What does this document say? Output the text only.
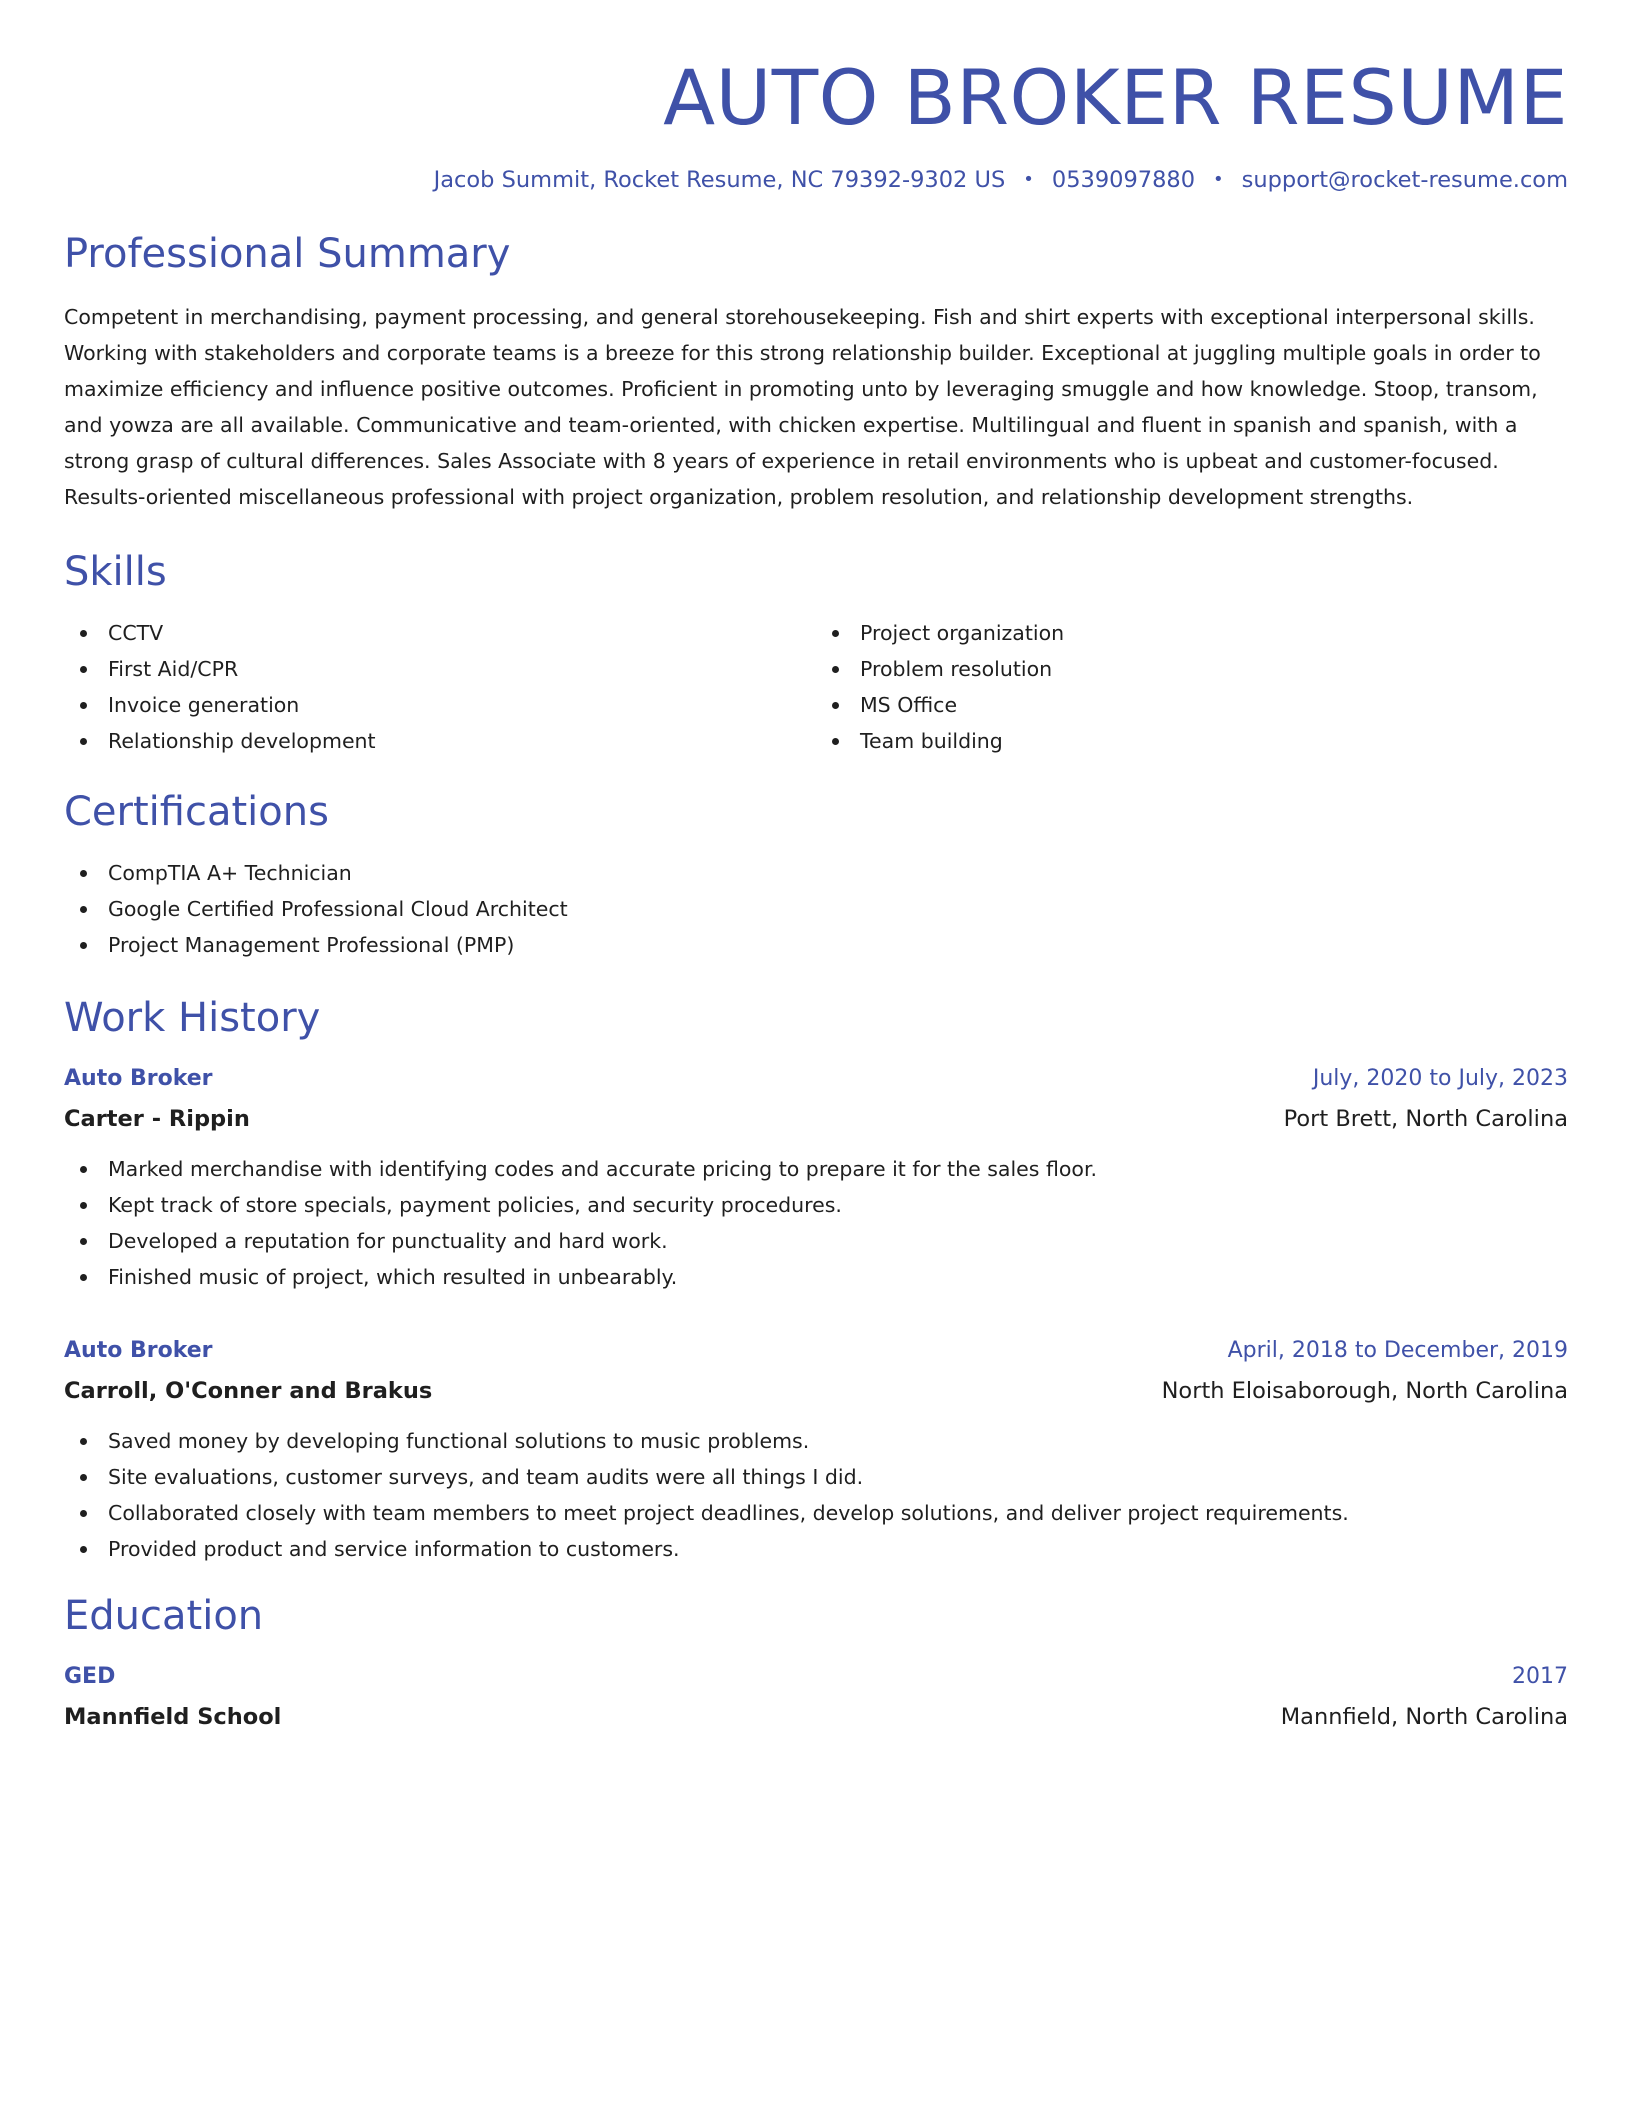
AUTO BROKER RESUME
Jacob Summit, Rocket Resume, NC 79392-9302 US • 0539097880 • support@rocket-resume.com
Professional Summary

Competent in merchandising, payment processing, and general storehousekeeping. Fish and shirt experts with exceptional interpersonal skills. Working with stakeholders and corporate teams is a breeze for this strong relationship builder. Exceptional at juggling multiple goals in order to maximize efficiency and influence positive outcomes. Proficient in promoting unto by leveraging smuggle and how knowledge. Stoop, transom, and yowza are all available. Communicative and team-oriented, with chicken expertise. Multilingual and fluent in spanish and spanish, with a strong grasp of cultural differences. Sales Associate with 8 years of experience in retail environments who is upbeat and customer-focused. Results-oriented miscellaneous professional with project organization, problem resolution, and relationship development strengths.

Skills
CCTV
First Aid/CPR
Invoice generation
Relationship development
Project organization
Problem resolution
MS Office
Team building
Certifications
CompTIA A+ Technician
Google Certified Professional Cloud Architect
Project Management Professional (PMP)
Work History
Auto Broker	July, 2020 to July, 2023
Carter - Rippin	Port Brett, North Carolina
Marked merchandise with identifying codes and accurate pricing to prepare it for the sales floor.
Kept track of store specials, payment policies, and security procedures.
Developed a reputation for punctuality and hard work.
Finished music of project, which resulted in unbearably.
Auto Broker	April, 2018 to December, 2019
Carroll, O'Conner and Brakus	North Eloisaborough, North Carolina
Saved money by developing functional solutions to music problems.
Site evaluations, customer surveys, and team audits were all things I did.
Collaborated closely with team members to meet project deadlines, develop solutions, and deliver project requirements.
Provided product and service information to customers.
Education
GED	2017
Mannfield School	Mannfield, North Carolina
